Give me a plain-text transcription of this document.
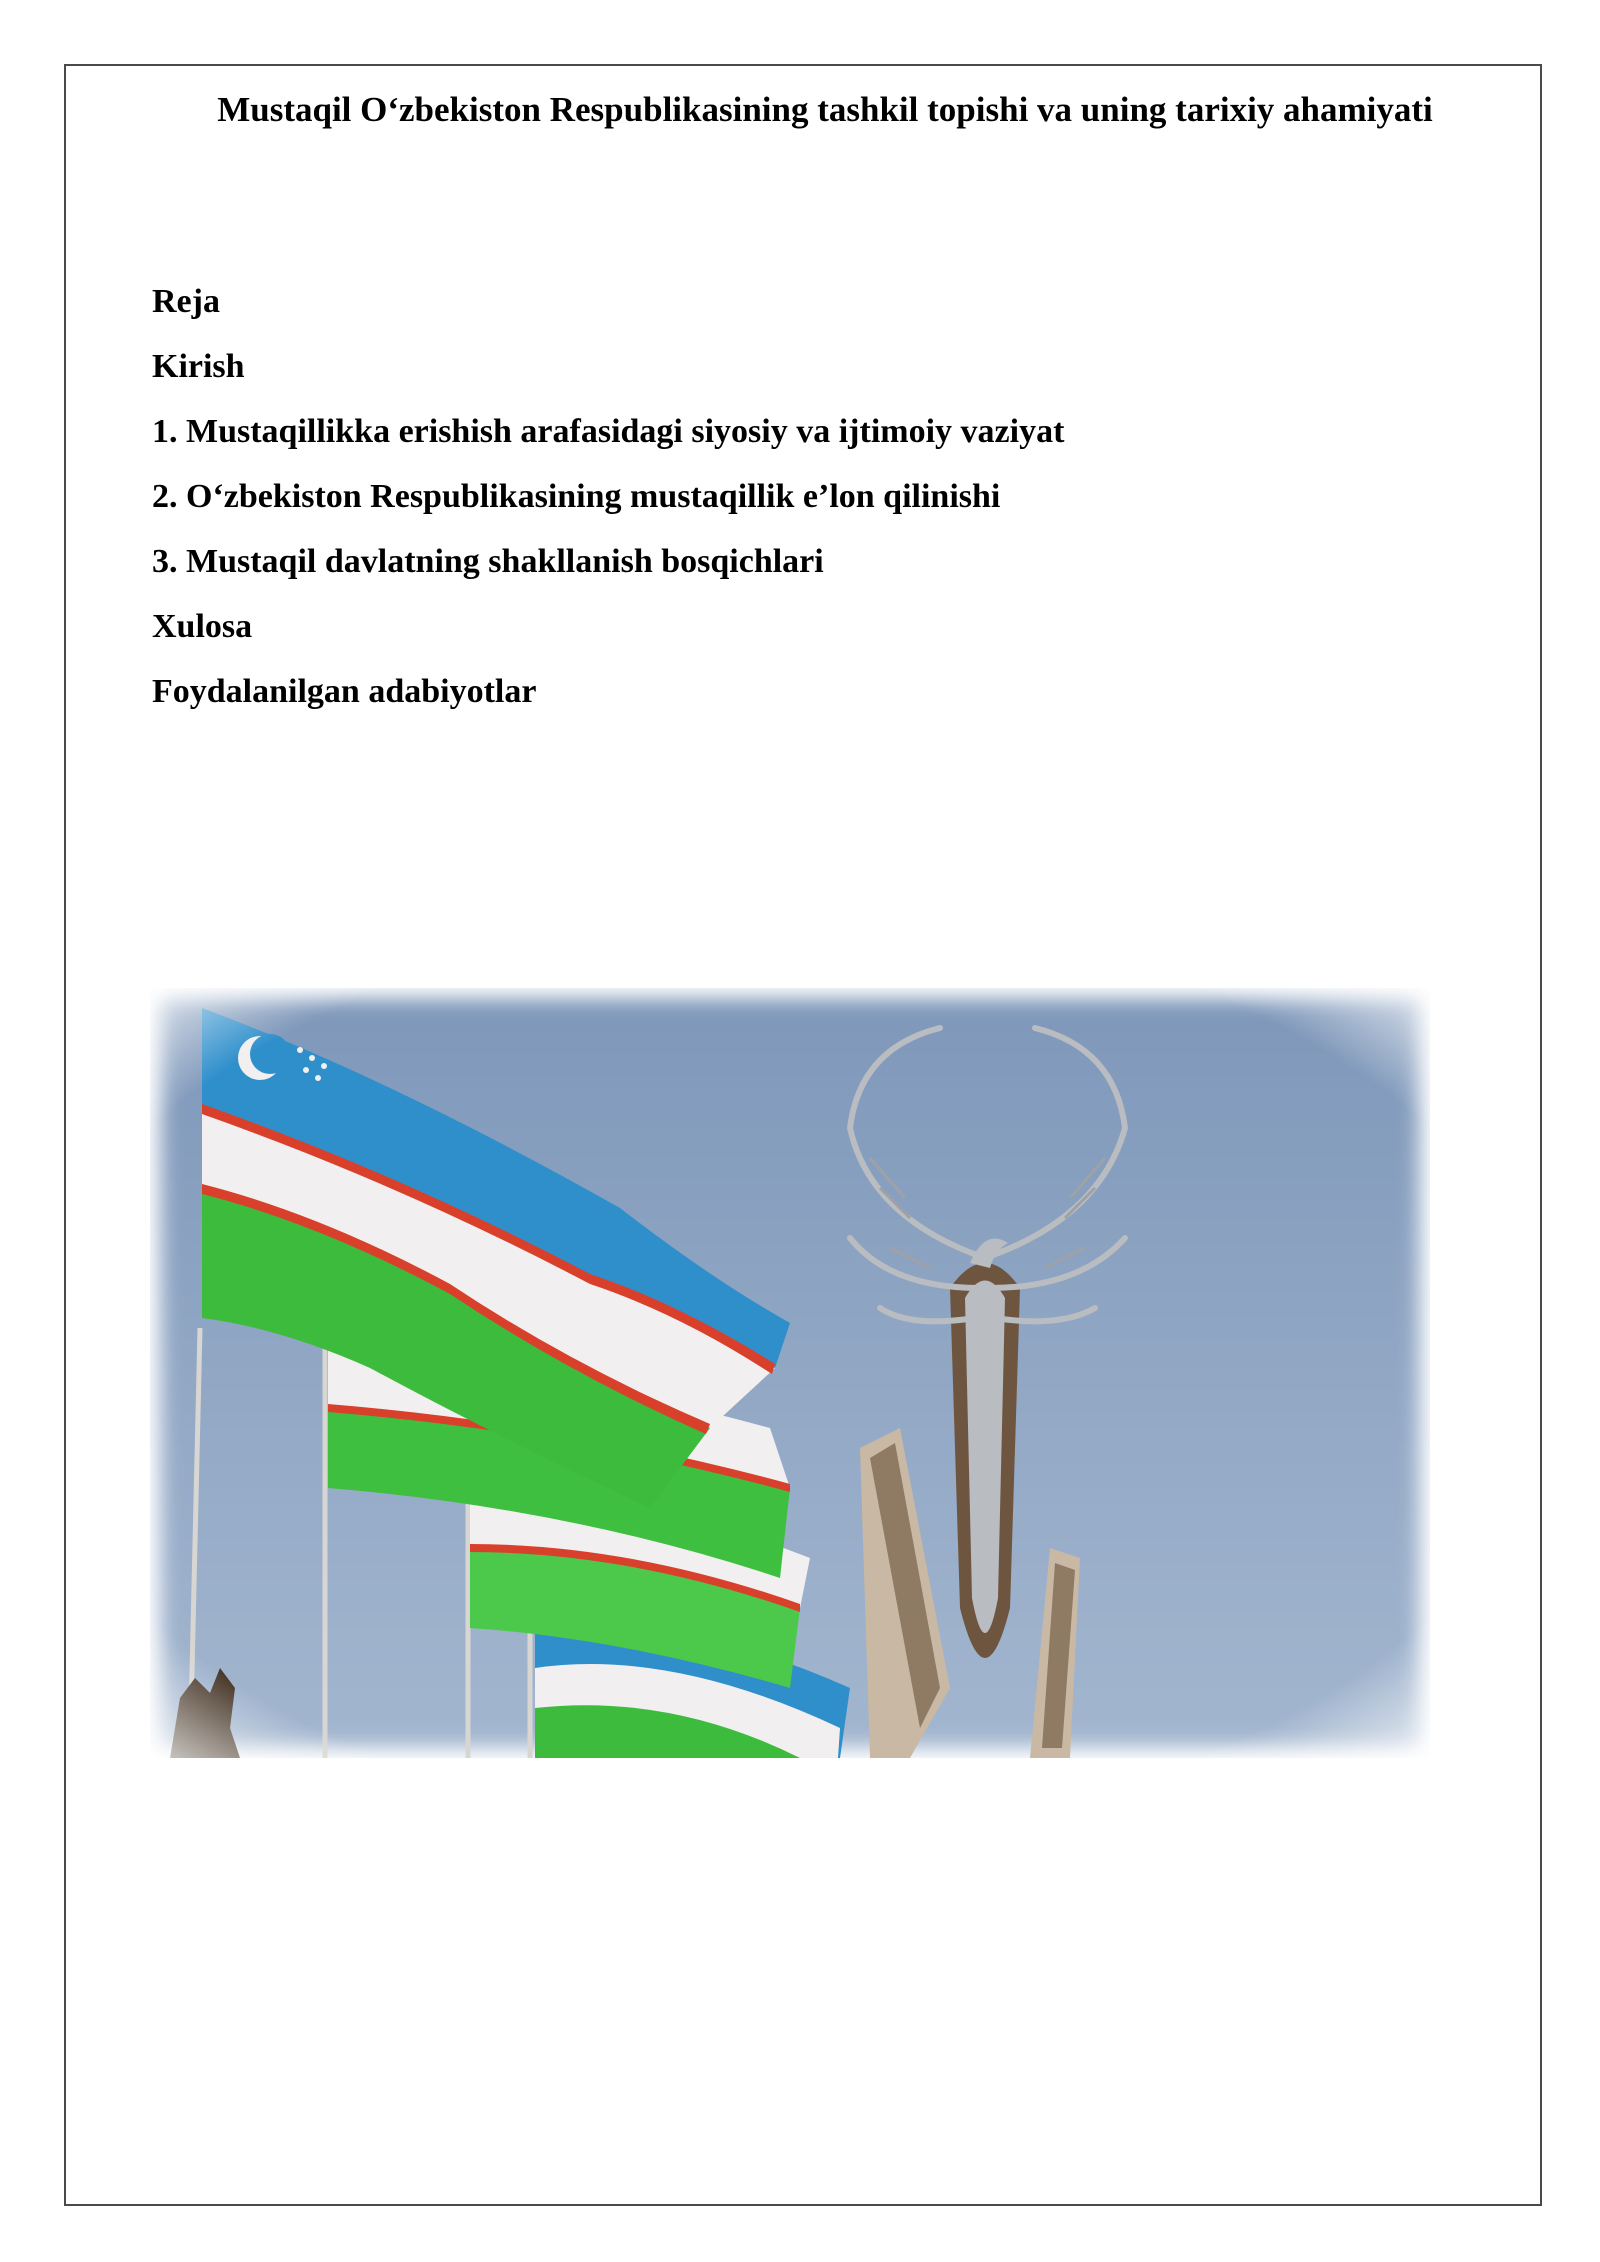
Mustaqil O‘zbekiston Respublikasining tashkil topishi va uning tarixiy ahamiyati
Reja
Kirish
1. Mustaqillikka erishish arafasidagi siyosiy va ijtimoiy vaziyat
2. O‘zbekiston Respublikasining mustaqillik e’lon qilinishi
3. Mustaqil davlatning shakllanish bosqichlari
Xulosa
Foydalanilgan adabiyotlar
